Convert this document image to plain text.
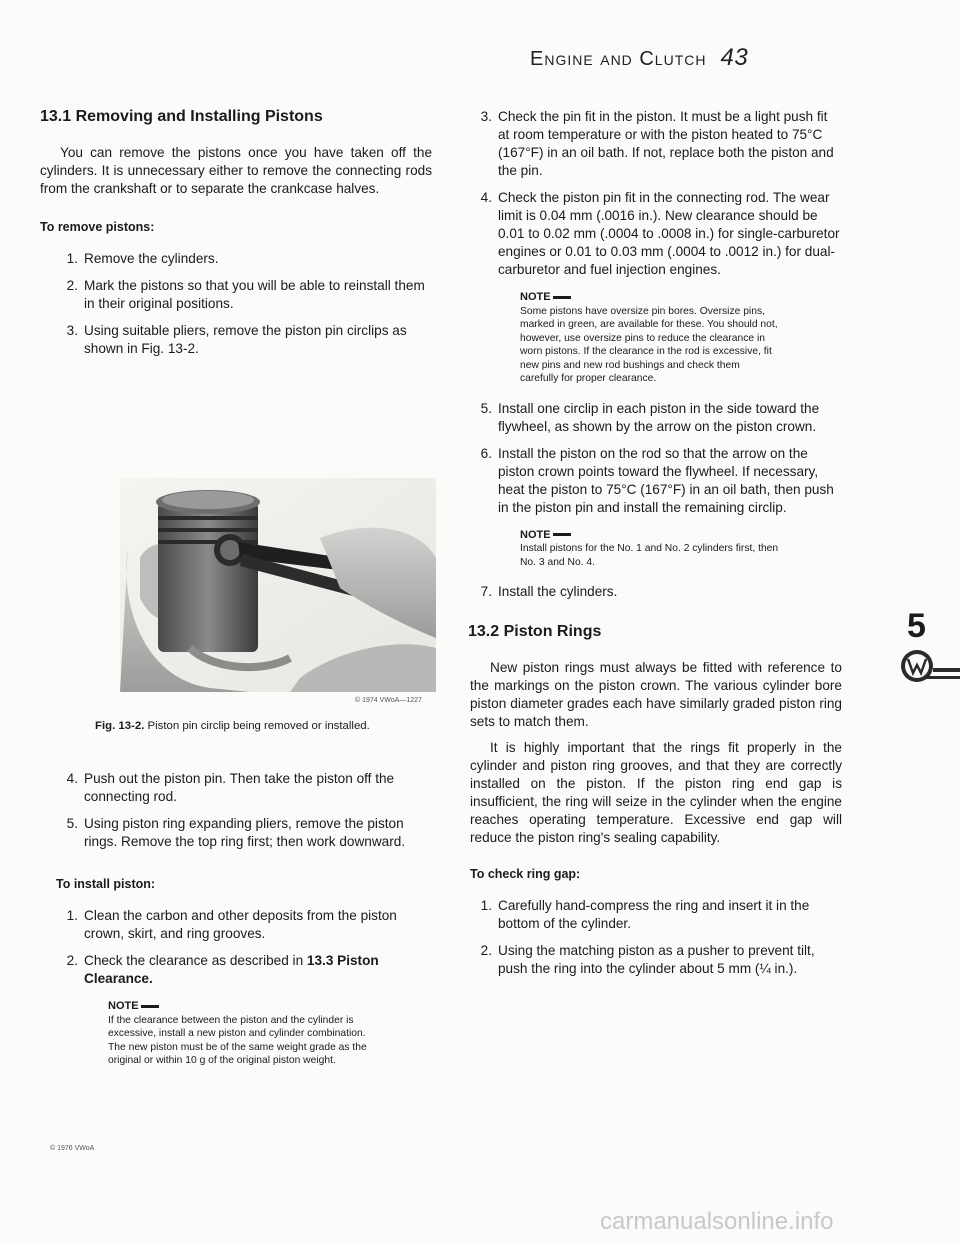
Engine and Clutch 43
13.1 Removing and Installing Pistons

You can remove the pistons once you have taken off the cylinders. It is unnecessary either to remove the connecting rods from the crankshaft or to separate the crankcase halves.

To remove pistons:
1. Remove the cylinders.
2. Mark the pistons so that you will be able to reinstall them in their original positions.
3. Using suitable pliers, remove the piston pin circlips as shown in Fig. 13-2.
© 1974 VWoA—1227
Fig. 13-2. Piston pin circlip being removed or installed.
4. Push out the piston pin. Then take the piston off the connecting rod.
5. Using piston ring expanding pliers, remove the piston rings. Remove the top ring first; then work downward.
To install piston:
1. Clean the carbon and other deposits from the piston crown, skirt, and ring grooves.
2. Check the clearance as described in 13.3 Piston Clearance.
NOTE
If the clearance between the piston and the cylinder is excessive, install a new piston and cylinder combination. The new piston must be of the same weight grade as the original or within 10 g of the original piston weight.
© 1976 VWoA
3. Check the pin fit in the piston. It must be a light push fit at room temperature or with the piston heated to 75°C (167°F) in an oil bath. If not, replace both the piston and the pin.
4. Check the piston pin fit in the connecting rod. The wear limit is 0.04 mm (.0016 in.). New clearance should be 0.01 to 0.02 mm (.0004 to .0008 in.) for single-carburetor engines or 0.01 to 0.03 mm (.0004 to .0012 in.) for dual-carburetor and fuel injection engines.
NOTE
Some pistons have oversize pin bores. Oversize pins, marked in green, are available for these. You should not, however, use oversize pins to reduce the clearance in worn pistons. If the clearance in the rod is excessive, fit new pins and new rod bushings and check them carefully for proper clearance.
5. Install one circlip in each piston in the side toward the flywheel, as shown by the arrow on the piston crown.
6. Install the piston on the rod so that the arrow on the piston crown points toward the flywheel. If necessary, heat the piston to 75°C (167°F) in an oil bath, then push in the piston pin and install the remaining circlip.
NOTE
Install pistons for the No. 1 and No. 2 cylinders first, then No. 3 and No. 4.
7. Install the cylinders.
13.2 Piston Rings

New piston rings must always be fitted with reference to the markings on the piston crown. The various cylinder bore piston diameter grades each have similarly graded piston ring sets to match them.

It is highly important that the rings fit properly in the cylinder and piston ring grooves, and that they are correctly installed on the piston. If the piston ring end gap is insufficient, the ring will seize in the cylinder when the engine reaches operating temperature. Excessive end gap will reduce the piston ring's sealing capability.

To check ring gap:
1. Carefully hand-compress the ring and insert it in the bottom of the cylinder.
2. Using the matching piston as a pusher to prevent tilt, push the ring into the cylinder about 5 mm (¼ in.).
5
carmanualsonline.info
